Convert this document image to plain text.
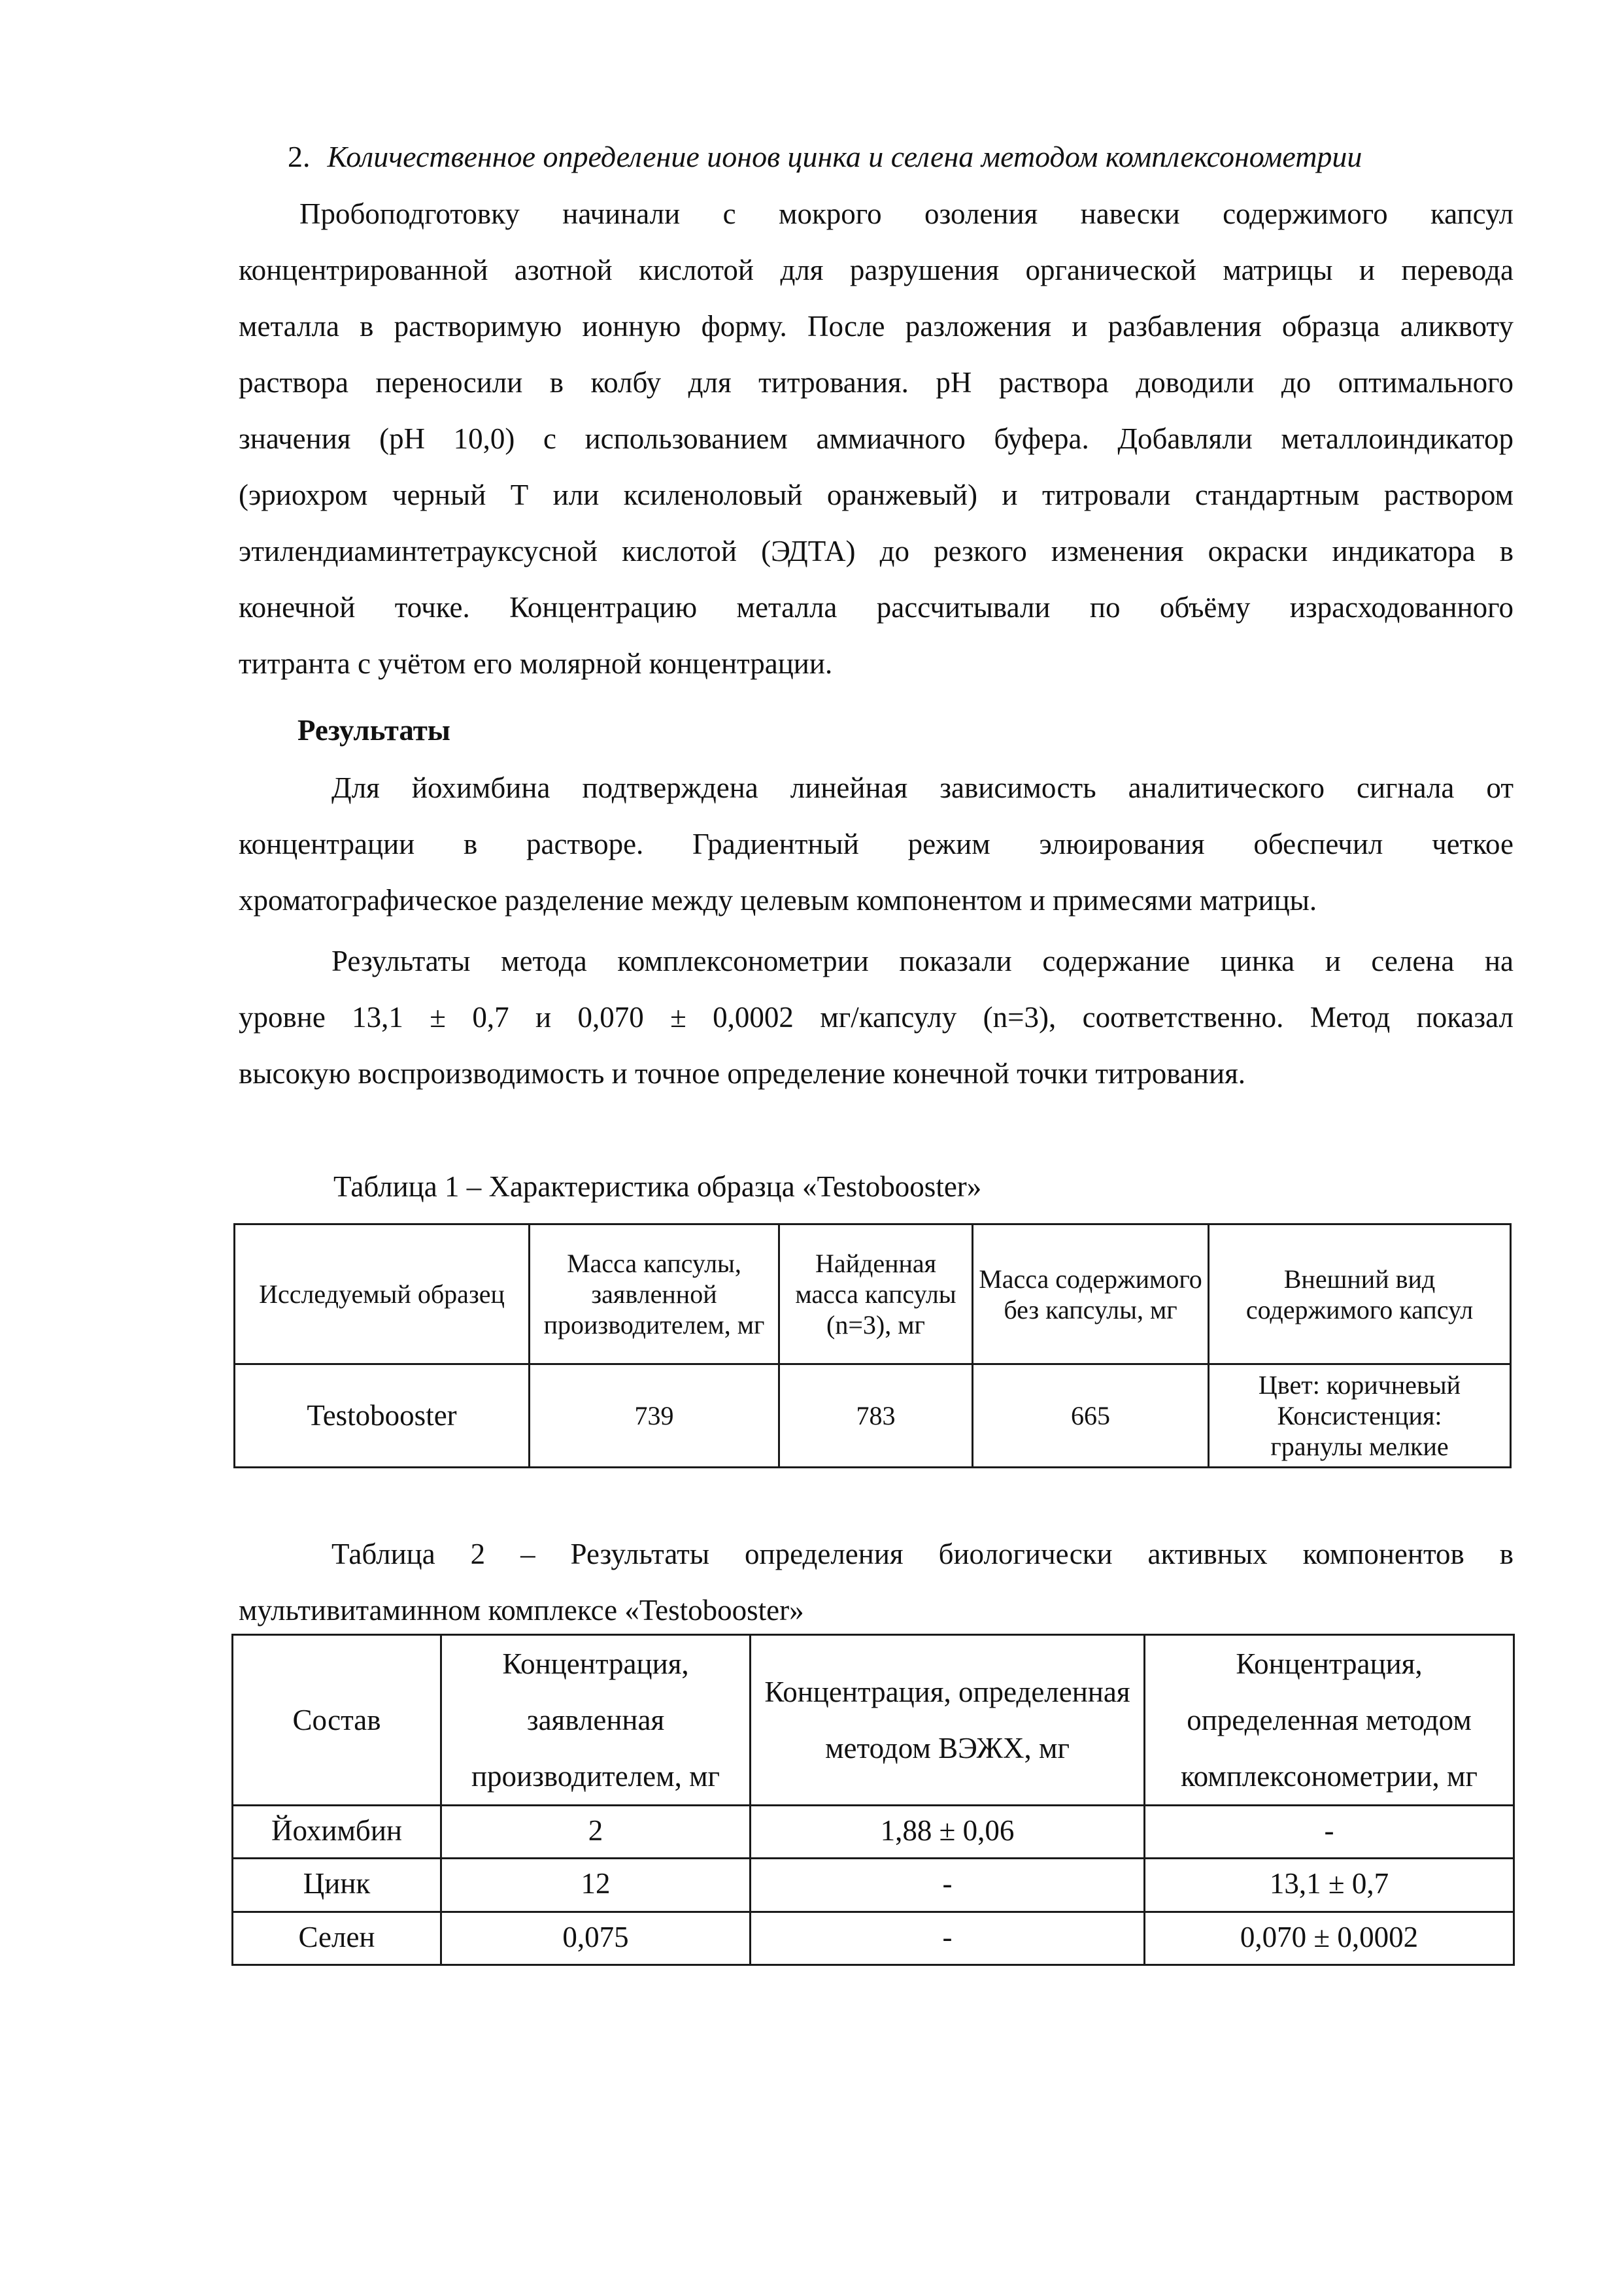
2. Количественное определение ионов цинка и селена методом комплексонометрии
Пробоподготовку начинали с мокрого озоления навески содержимого капсул
концентрированной азотной кислотой для разрушения органической матрицы и перевода
металла в растворимую ионную форму. После разложения и разбавления образца аликвоту
раствора переносили в колбу для титрования. pH раствора доводили до оптимального
значения (pH 10,0) с использованием аммиачного буфера. Добавляли металлоиндикатор
(эриохром черный Т или ксиленоловый оранжевый) и титровали стандартным раствором
этилендиаминтетрауксусной кислотой (ЭДТА) до резкого изменения окраски индикатора в
конечной точке. Концентрацию металла рассчитывали по объёму израсходованного
титранта с учётом его молярной концентрации.
Результаты
Для йохимбина подтверждена линейная зависимость аналитического сигнала от
концентрации в растворе. Градиентный режим элюирования обеспечил четкое
хроматографическое разделение между целевым компонентом и примесями матрицы.
Результаты метода комплексонометрии показали содержание цинка и селена на
уровне 13,1 ± 0,7 и 0,070 ± 0,0002 мг/капсулу (n=3), соответственно. Метод показал
высокую воспроизводимость и точное определение конечной точки титрования.
Таблица 1 – Характеристика образца «Testobooster»
Исследуемый образец	Масса капсулы, заявленной производителем, мг	Найденная масса капсулы (n=3), мг	Масса содержимого без капсулы, мг	Внешний вид содержимого капсул
Testobooster	739	783	665	Цвет: коричневый
Консистенция:
гранулы мелкие
Таблица 2 – Результаты определения биологически активных компонентов в
мультивитаминном комплексе «Testobooster»
Состав	Концентрация, заявленная производителем, мг	Концентрация, определенная методом ВЭЖХ, мг	Концентрация, определенная методом комплексонометрии, мг
Йохимбин	2	1,88 ± 0,06	-
Цинк	12	-	13,1 ± 0,7
Селен	0,075	-	0,070 ± 0,0002
